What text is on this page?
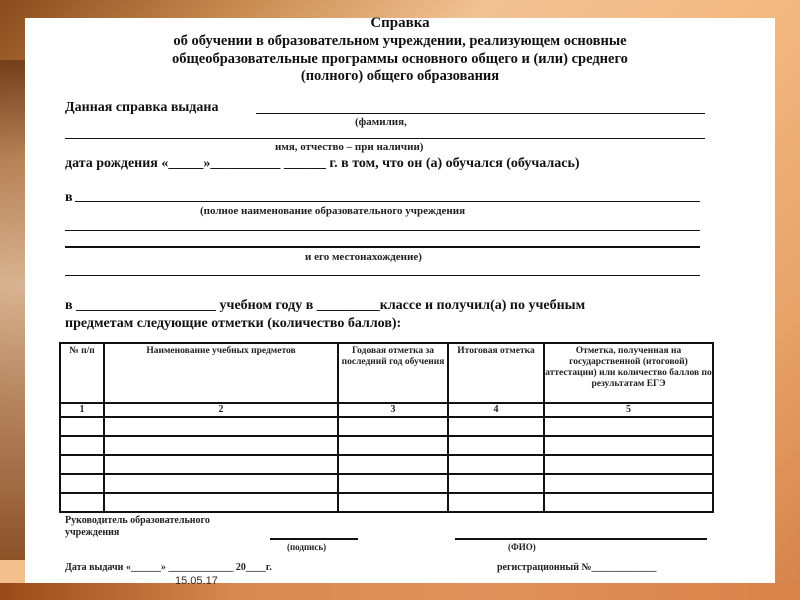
Справка
об обучении в образовательном учреждении, реализующем основные
общеобразовательные программы основного общего и (или) среднего
(полного) общего образования
Данная справка выдана
(фамилия,
имя, отчество – при наличии)
дата рождения «_____»__________ ______ г. в том, что он (а) обучался (обучалась)
в
(полное наименование образовательного учреждения
и его местонахождение)
в ____________________ учебном году в _________классе и получил(а) по учебным
предметам следующие отметки (количество баллов):
№ п/п	Наименование учебных предметов	Годовая отметка за последний год обучения	Итоговая отметка	Отметка, полученная на государственной (итоговой) аттестации) или количество баллов по результатам ЕГЭ
1	2	3	4	5

Руководитель образовательного
учреждения
(подпись)	(ФИО)
Дата выдачи «______» _____________ 20____г.	регистрационный №_____________
15.05.17
